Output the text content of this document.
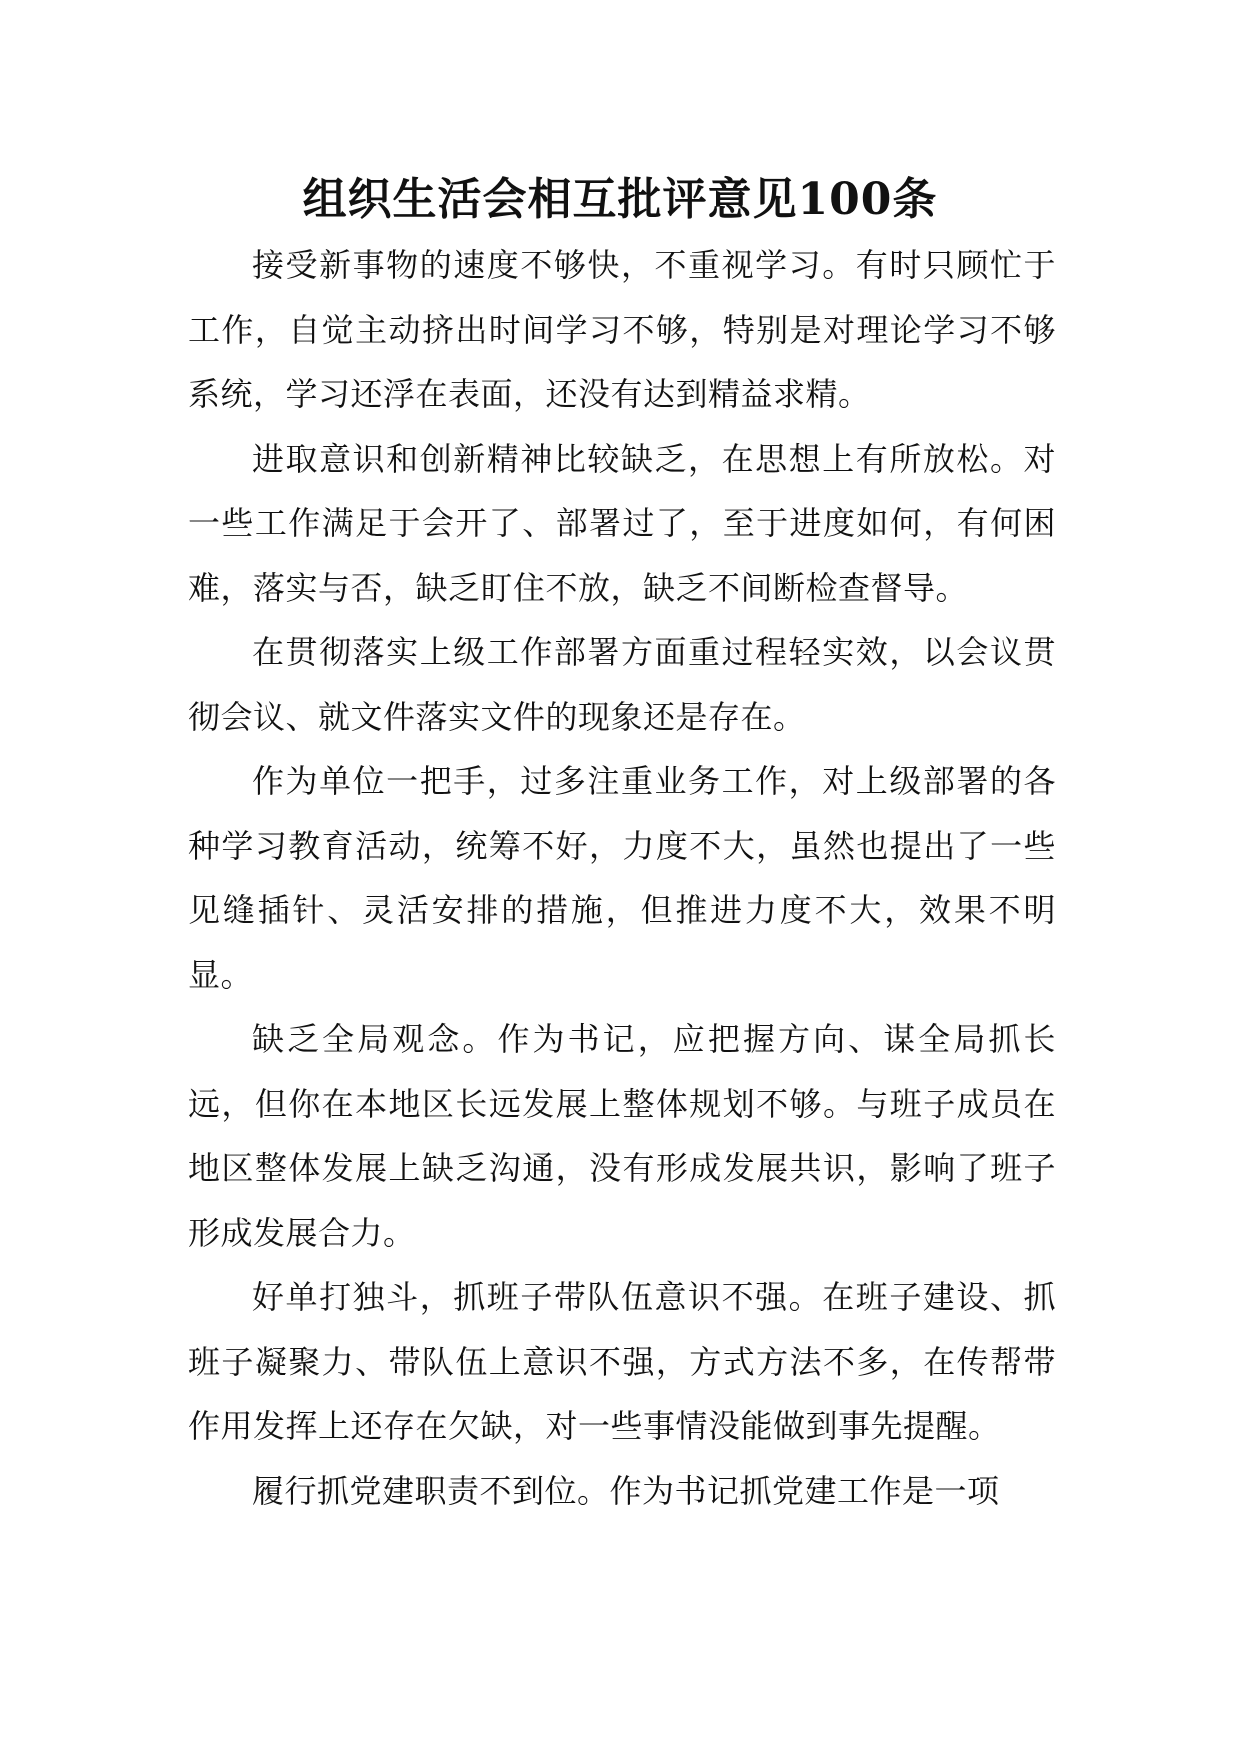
组织生活会相互批评意见100条

接受新事物的速度不够快，不重视学习。有时只顾忙于工作，自觉主动挤出时间学习不够，特别是对理论学习不够系统，学习还浮在表面，还没有达到精益求精。

进取意识和创新精神比较缺乏，在思想上有所放松。对一些工作满足于会开了、部署过了，至于进度如何，有何困难，落实与否，缺乏盯住不放，缺乏不间断检查督导。

在贯彻落实上级工作部署方面重过程轻实效，以会议贯彻会议、就文件落实文件的现象还是存在。

作为单位一把手，过多注重业务工作，对上级部署的各种学习教育活动，统筹不好，力度不大，虽然也提出了一些见缝插针、灵活安排的措施，但推进力度不大，效果不明显。

缺乏全局观念。作为书记，应把握方向、谋全局抓长远，但你在本地区长远发展上整体规划不够。与班子成员在地区整体发展上缺乏沟通，没有形成发展共识，影响了班子形成发展合力。

好单打独斗，抓班子带队伍意识不强。在班子建设、抓班子凝聚力、带队伍上意识不强，方式方法不多，在传帮带作用发挥上还存在欠缺，对一些事情没能做到事先提醒。

履行抓党建职责不到位。作为书记抓党建工作是一项
